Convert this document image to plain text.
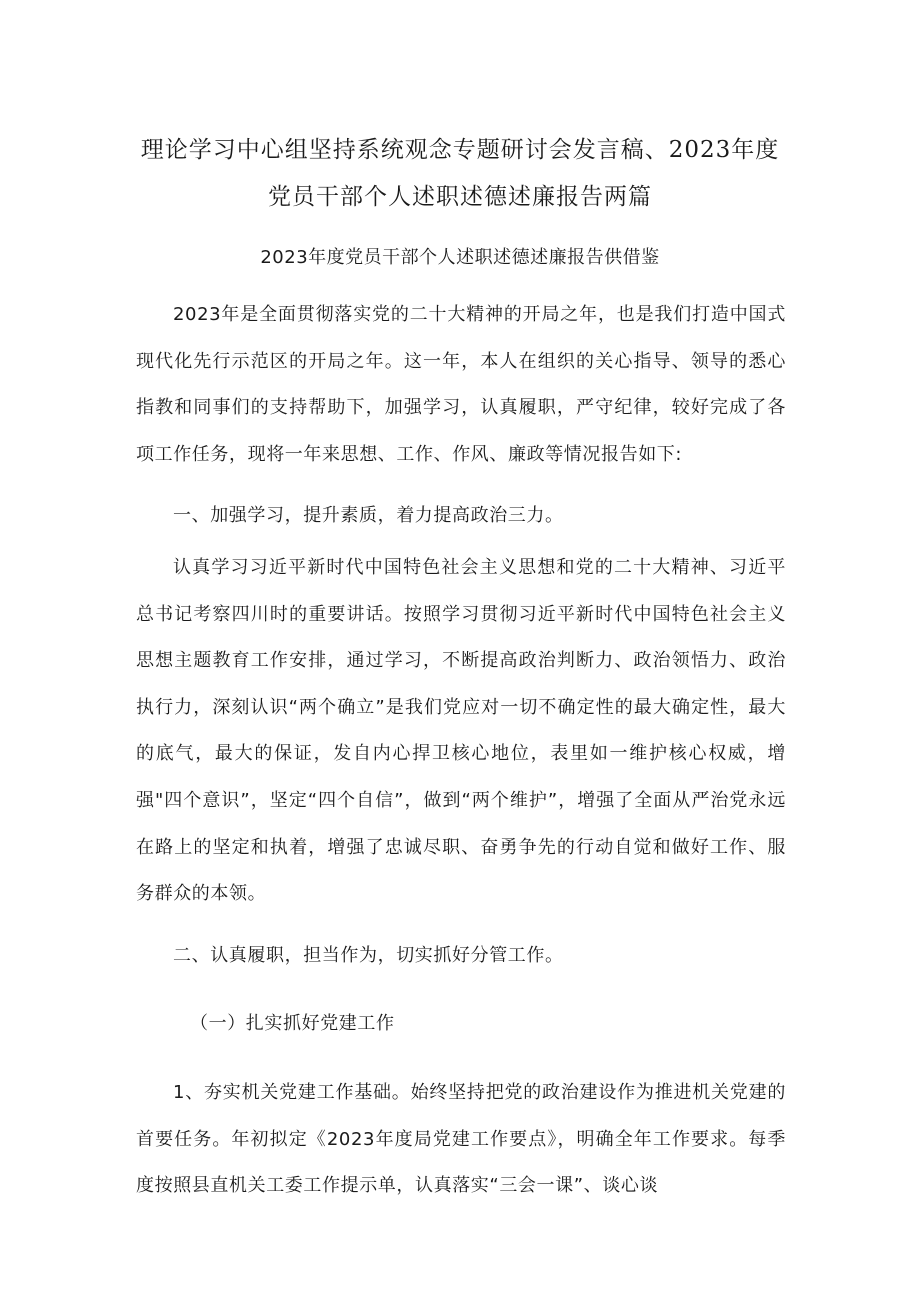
理论学习中心组坚持系统观念专题研讨会发言稿、2023年度
党员干部个人述职述德述廉报告两篇
2023年度党员干部个人述职述德述廉报告供借鉴

2023年是全面贯彻落实党的二十大精神的开局之年，也是我们打造中国式现代化先行示范区的开局之年。这一年，本人在组织的关心指导、领导的悉心指教和同事们的支持帮助下，加强学习，认真履职，严守纪律，较好完成了各项工作任务，现将一年来思想、工作、作风、廉政等情况报告如下:

一、加强学习，提升素质，着力提高政治三力。

认真学习习近平新时代中国特色社会主义思想和党的二十大精神、习近平总书记考察四川时的重要讲话。按照学习贯彻习近平新时代中国特色社会主义思想主题教育工作安排，通过学习，不断提高政治判断力、政治领悟力、政治执行力，深刻认识“两个确立”是我们党应对一切不确定性的最大确定性，最大的底气，最大的保证，发自内心捍卫核心地位，表里如一维护核心权威，增强"四个意识”，坚定“四个自信”，做到“两个维护”，增强了全面从严治党永远在路上的坚定和执着，增强了忠诚尽职、奋勇争先的行动自觉和做好工作、服务群众的本领。

二、认真履职，担当作为，切实抓好分管工作。

（一）扎实抓好党建工作

1、夯实机关党建工作基础。始终坚持把党的政治建设作为推进机关党建的首要任务。年初拟定《2023年度局党建工作要点》，明确全年工作要求。每季度按照县直机关工委工作提示单，认真落实“三会一课”、谈心谈
